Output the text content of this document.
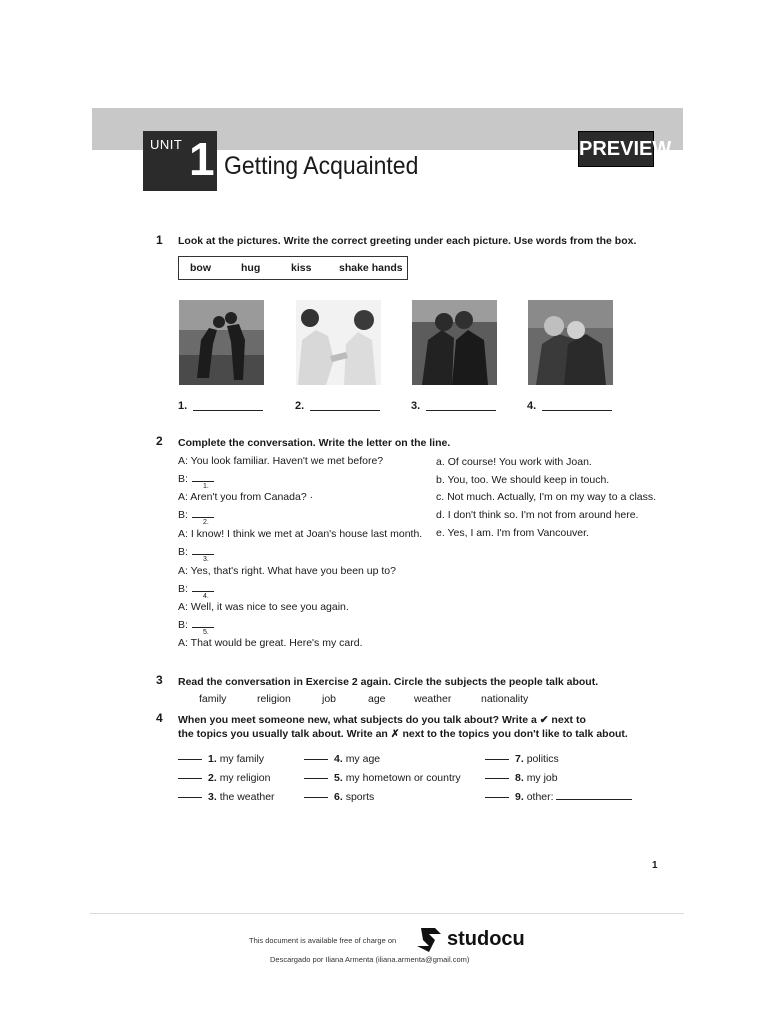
UNIT 1 Getting Acquainted
PREVIEW
1 Look at the pictures. Write the correct greeting under each picture. Use words from the box.
bow	hug	kiss	shake hands
1.	2.	3.	4.
2 Complete the conversation. Write the letter on the line.
A: You look familiar. Haven't we met before?
B:
1.
A: Aren't you from Canada? ·
B:
2.
A: I know! I think we met at Joan's house last month.
B:
3.
A: Yes, that's right. What have you been up to?
B:
4.
A: Well, it was nice to see you again.
B:
5.
A: That would be great. Here's my card.
a. Of course! You work with Joan.
b. You, too. We should keep in touch.
c. Not much. Actually, I'm on my way to a class.
d. I don't think so. I'm not from around here.
e. Yes, I am. I'm from Vancouver.
3 Read the conversation in Exercise 2 again. Circle the subjects the people talk about.
family	religion	job	age	weather	nationality
4 When you meet someone new, what subjects do you talk about? Write a ✔ next to
the topics you usually talk about. Write an ✗ next to the topics you don't like to talk about.
1. my family
2. my religion
3. the weather
4. my age
5. my hometown or country
6. sports
7. politics
8. my job
9. other:
1
This document is available free of charge on	studocu
Descargado por Iliana Armenta (iliana.armenta@gmail.com)
